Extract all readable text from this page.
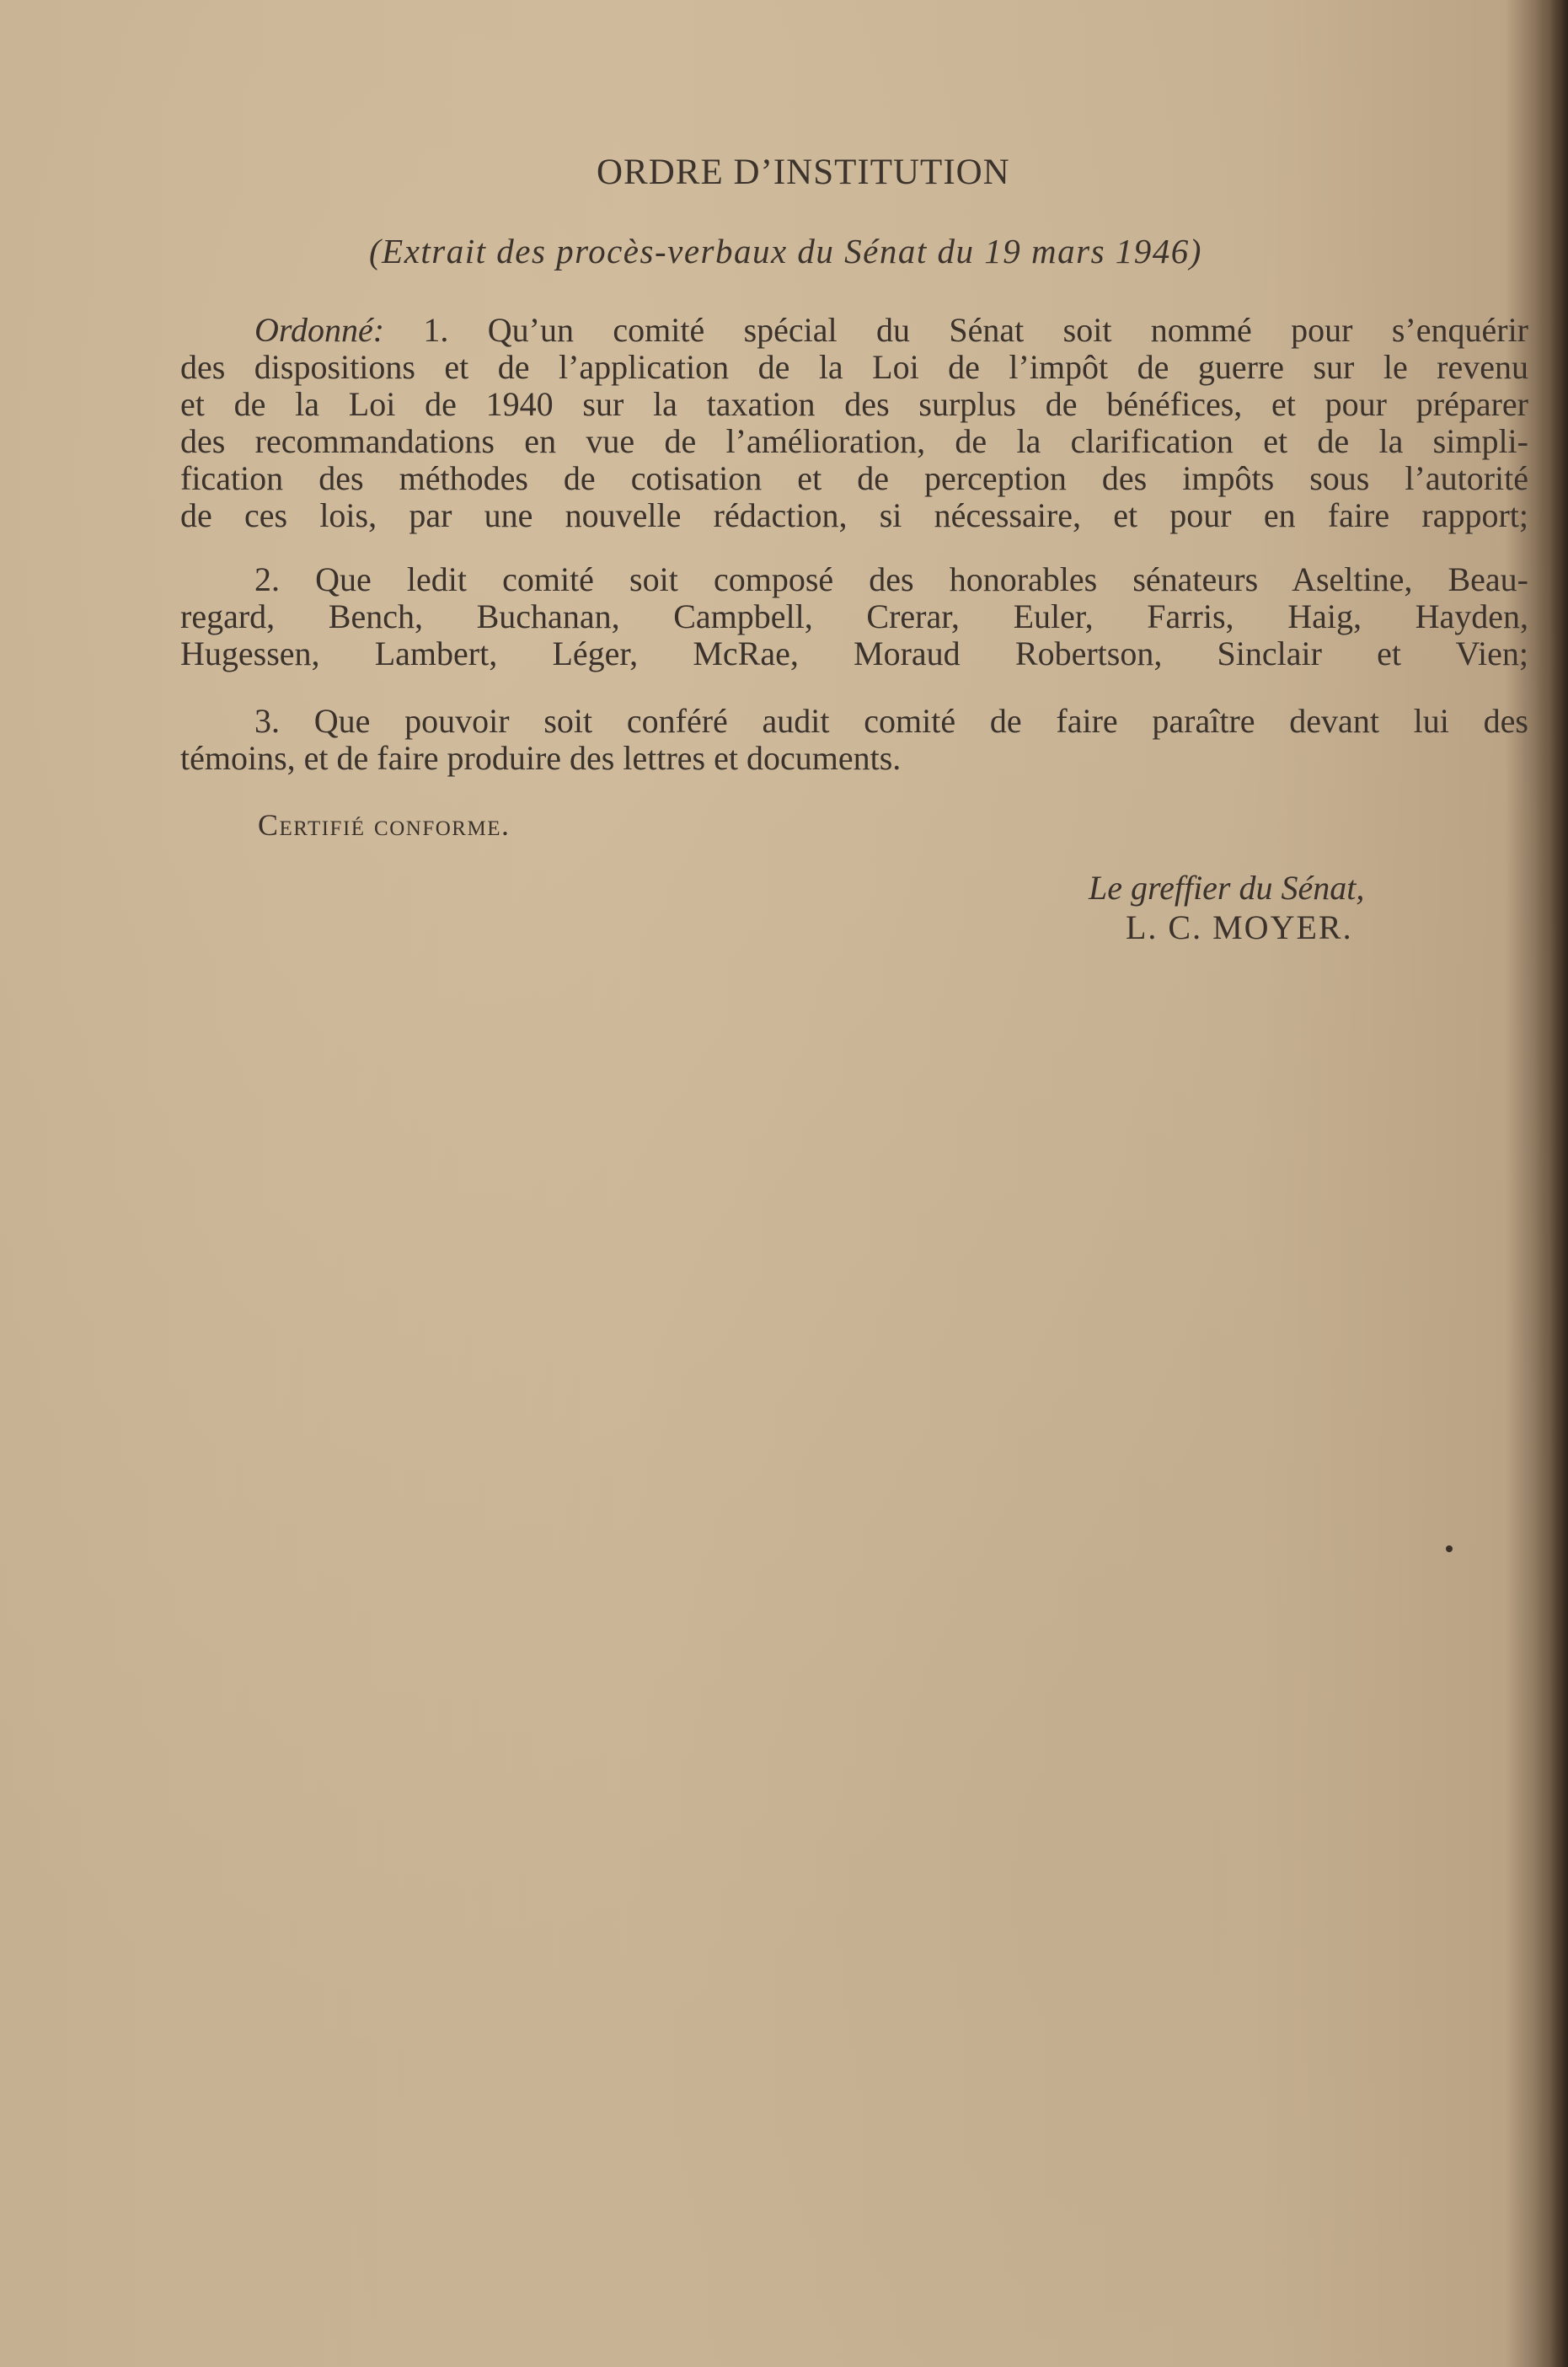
ORDRE D’INSTITUTION
(Extrait des procès-verbaux du Sénat du 19 mars 1946)
Ordonné: 1. Qu’un comité spécial du Sénat soit nommé pour s’enquérir
des dispositions et de l’application de la Loi de l’impôt de guerre sur le revenu
et de la Loi de 1940 sur la taxation des surplus de bénéfices, et pour préparer
des recommandations en vue de l’amélioration, de la clarification et de la simpli-
fication des méthodes de cotisation et de perception des impôts sous l’autorité
de ces lois, par une nouvelle rédaction, si nécessaire, et pour en faire rapport;
2. Que ledit comité soit composé des honorables sénateurs Aseltine, Beau-
regard, Bench, Buchanan, Campbell, Crerar, Euler, Farris, Haig, Hayden,
Hugessen, Lambert, Léger, McRae, Moraud Robertson, Sinclair et Vien;
3. Que pouvoir soit conféré audit comité de faire paraître devant lui des
témoins, et de faire produire des lettres et documents.
Certifié conforme.
Le greffier du Sénat,
L. C. MOYER.
